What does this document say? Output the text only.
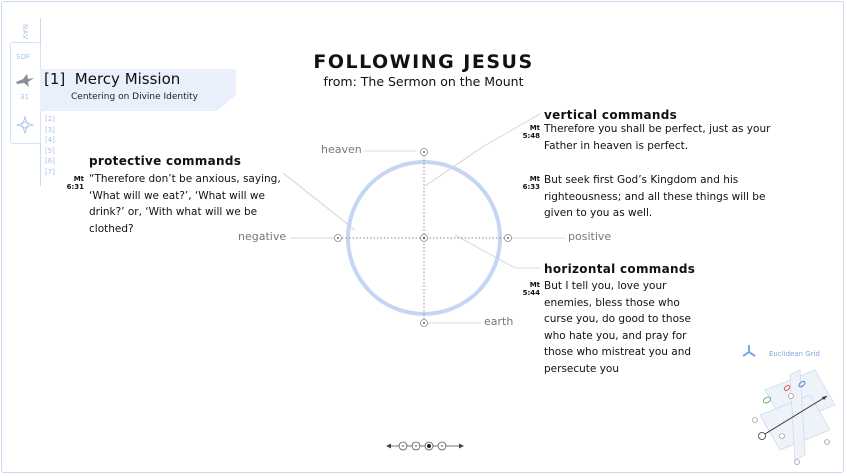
NAV
SOF
31
[2]
[3]
[4]
[5]
[6]
[7]
[1] Mercy Mission
Centering on Divine Identity
FOLLOWING JESUS
from: The Sermon on the Mount
heaven
earth
negative	positive
protective commands
Mt
6:31
“Therefore don’t be anxious, saying, ‘What will we eat?’, ‘What will we drink?’ or, ‘With what will we be clothed?
vertical commands
Mt
5:48
Therefore you shall be perfect, just as your Father in heaven is perfect.
Mt
6:33
But seek first God’s Kingdom and his righteousness; and all these things will be given to you as well.
horizontal commands
Mt
5:44
But I tell you, love your enemies, bless those who curse you, do good to those who hate you, and pray for those who mistreat you and persecute you
Euclidean Grid
